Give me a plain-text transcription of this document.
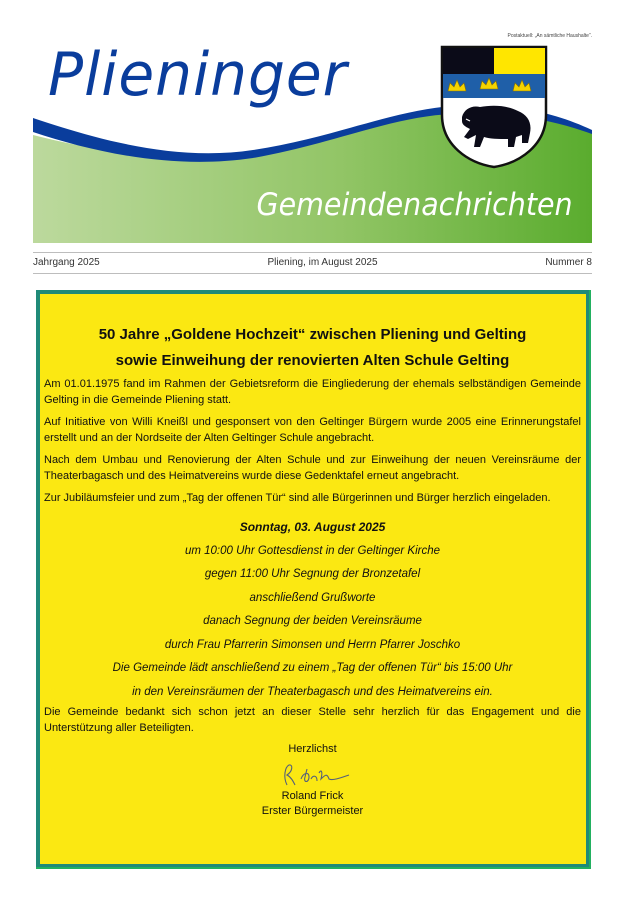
Postaktuell: „An sämtliche Haushalte“.
Plieninger
Gemeindenachrichten
Jahrgang 2025	Pliening, im August 2025	Nummer 8
50 Jahre „Goldene Hochzeit“ zwischen Pliening und Gelting
sowie Einweihung der renovierten Alten Schule Gelting

Am 01.01.1975 fand im Rahmen der Gebietsreform die Eingliederung der ehemals selbständigen Gemeinde Gelting in die Gemeinde Pliening statt.

Auf Initiative von Willi Kneißl und gesponsert von den Geltinger Bürgern wurde 2005 eine Erinnerungstafel erstellt und an der Nordseite der Alten Geltinger Schule angebracht.

Nach dem Umbau und Renovierung der Alten Schule und zur Einweihung der neuen Vereinsräume der Theaterbagasch und des Heimatvereins wurde diese Gedenktafel erneut angebracht.

Zur Jubiläumsfeier und zum „Tag der offenen Tür“ sind alle Bürgerinnen und Bürger herzlich eingeladen.

Sonntag, 03. August 2025
um 10:00 Uhr Gottesdienst in der Geltinger Kirche
gegen 11:00 Uhr Segnung der Bronzetafel
anschließend Grußworte
danach Segnung der beiden Vereinsräume
durch Frau Pfarrerin Simonsen und Herrn Pfarrer Joschko
Die Gemeinde lädt anschließend zu einem „Tag der offenen Tür“ bis 15:00 Uhr
in den Vereinsräumen der Theaterbagasch und des Heimatvereins ein.

Die Gemeinde bedankt sich schon jetzt an dieser Stelle sehr herzlich für das Engagement und die Unterstützung aller Beteiligten.

Herzlichst
Roland Frick
Erster Bürgermeister
